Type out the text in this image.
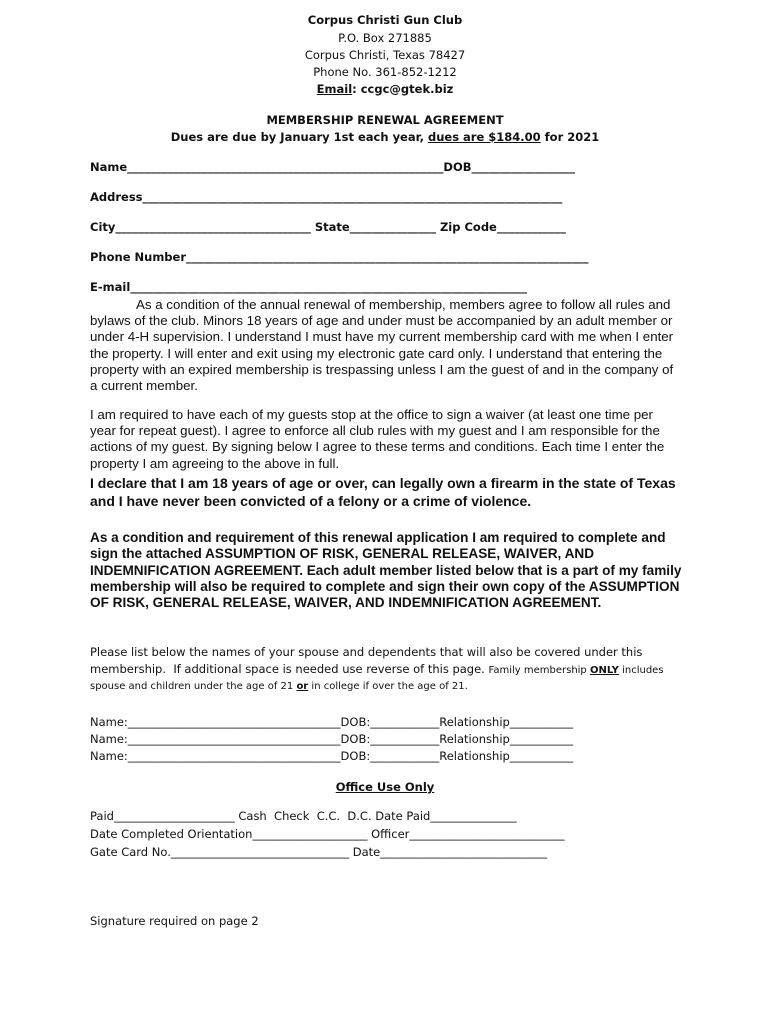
Corpus Christi Gun Club
P.O. Box 271885
Corpus Christi, Texas 78427
Phone No. 361-852-1212
Email: ccgc@gtek.biz
MEMBERSHIP RENEWAL AGREEMENT
Dues are due by January 1st each year, dues are $184.00 for 2021
Name_______________________________________________________DOB__________________
Address_________________________________________________________________________
City__________________________________ State_______________ Zip Code____________
Phone Number______________________________________________________________________
E-mail_____________________________________________________________________
As a condition of the annual renewal of membership, members agree to follow all rules and bylaws of the club. Minors 18 years of age and under must be accompanied by an adult member or under 4-H supervision. I understand I must have my current membership card with me when I enter the property. I will enter and exit using my electronic gate card only. I understand that entering the property with an expired membership is trespassing unless I am the guest of and in the company of a current member.
I am required to have each of my guests stop at the office to sign a waiver (at least one time per year for repeat guest). I agree to enforce all club rules with my guest and I am responsible for the actions of my guest. By signing below I agree to these terms and conditions. Each time I enter the property I am agreeing to the above in full.
I declare that I am 18 years of age or over, can legally own a firearm in the state of Texas and I have never been convicted of a felony or a crime of violence.
As a condition and requirement of this renewal application I am required to complete and sign the attached ASSUMPTION OF RISK, GENERAL RELEASE, WAIVER, AND INDEMNIFICATION AGREEMENT. Each adult member listed below that is a part of my family membership will also be required to complete and sign their own copy of the ASSUMPTION OF RISK, GENERAL RELEASE, WAIVER, AND INDEMNIFICATION AGREEMENT.
Please list below the names of your spouse and dependents that will also be covered under this
membership.  If additional space is needed use reverse of this page. Family membership ONLY includes
spouse and children under the age of 21 or in college if over the age of 21.
Name:_____________________________________DOB:____________Relationship___________
Name:_____________________________________DOB:____________Relationship___________
Name:_____________________________________DOB:____________Relationship___________
Office Use Only
Paid_____________________ Cash  Check  C.C.  D.C. Date Paid_______________
Date Completed Orientation____________________ Officer___________________________
Gate Card No._______________________________ Date_____________________________
Signature required on page 2
